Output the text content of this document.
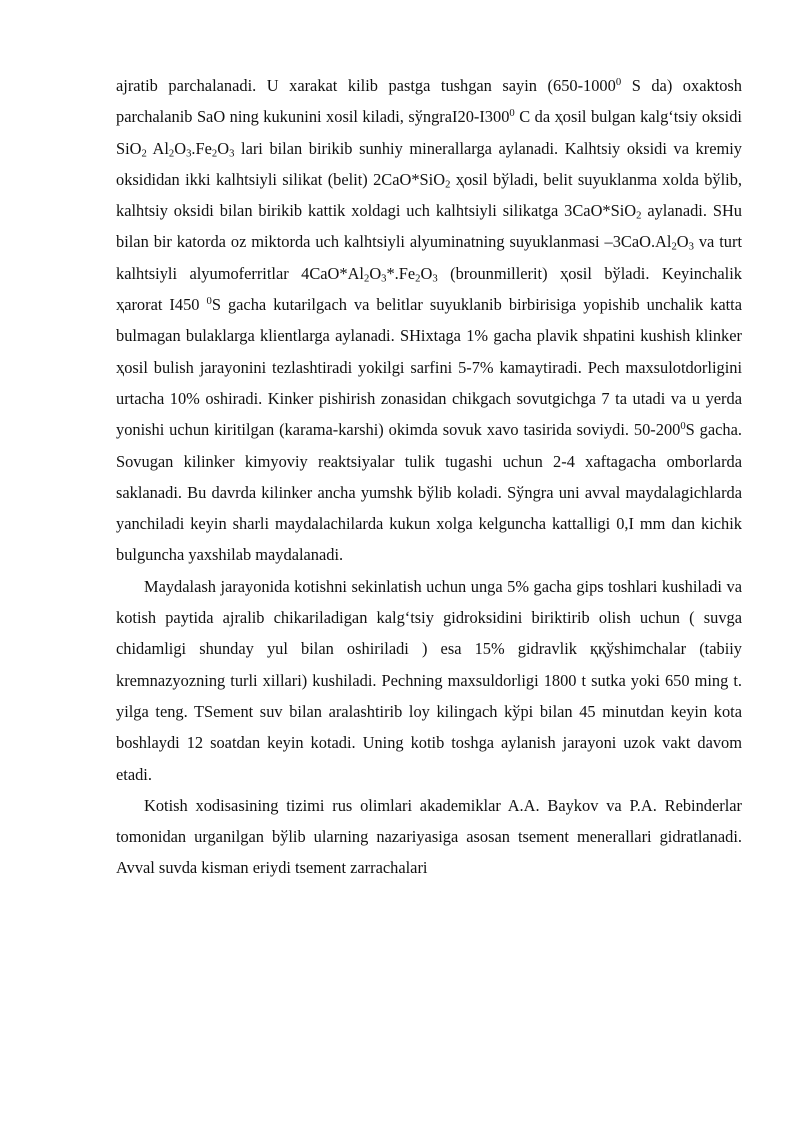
ajratib parchalanadi. U xarakat kilib pastga tushgan sayin (650-1000$^0$ S da) oxaktosh parchalanib SaO ning kukunini xosil kiladi, $sўngraI20-I300^0$ C da ҳosil bulgan kalgʻtsiy oksidi SiO$_2$ $Al_2O_3.Fe_2O_3$ lari bilan birikib sunhiy minerallarga aylanadi. Kalhtsiy oksidi va kremiy oksididan ikki kalhtsiyli silikat (belit) 2CaO*SiO$_2$ ҳosil bўladi, belit suyuklanma xolda bўlib, kalhtsiy oksidi bilan birikib kattik xoldagi uch kalhtsiyli silikatga 3CaO*SiO$_2$ aylanadi. SHu bilan bir katorda oz miktorda uch kalhtsiyli alyuminatning suyuklanmasi $-3CaO.Al_2O_3$ va turt kalhtsiyli alyumoferritlar $4CaO*Al_2O_3*.Fe_2O_3$ (brounmillerit) ҳosil bўladi. Keyinchalik ҳarorat I450 $^0$S gacha kutarilgach va belitlar suyuklanib birbirisiga yopishib unchalik katta bulmagan bulaklarga klientlarga aylanadi. SHixtaga 1% gacha plavik shpatini kushish klinker ҳosil bulish jarayonini tezlashtiradi yokilgi sarfini 5-7% kamaytiradi. Pech maxsulotdorligini urtacha 10% oshiradi. Kinker pishirish zonasidan chikgach sovutgichga 7 ta utadi va u yerda yonishi uchun kiritilgan (karama-karshi) okimda sovuk xavo tasirida soviydi. $50-200^0S$ gacha. Sovugan kilinker kimyoviy reaktsiyalar tulik tugashi uchun 2-4 xaftagacha omborlarda saklanadi. Bu davrda kilinker ancha yumshk bўlib koladi. Sўngra uni avval maydalagichlarda yanchiladi keyin sharli maydalachilarda kukun xolga kelguncha kattalligi 0,I mm dan kichik bulguncha yaxshilab maydalanadi.

Maydalash jarayonida kotishni sekinlatish uchun unga 5% gacha gips toshlari kushiladi va kotish paytida ajralib chikariladigan kalgʻtsiy gidroksidini biriktirib olish uchun ( suvga chidamligi shunday yul bilan oshiriladi ) esa 15% gidravlik ққўshimchalar (tabiiy kremnazyozning turli xillari) kushiladi. Pechning maxsuldorligi 1800 t sutka yoki 650 ming t. yilga teng. TSement suv bilan aralashtirib loy kilingach kўpi bilan 45 minutdan keyin kota boshlaydi 12 soatdan keyin kotadi. Uning kotib toshga aylanish jarayoni uzok vakt davom etadi.

Kotish xodisasining tizimi rus olimlari akademiklar A.A. Baykov va P.A. Rebinderlar tomonidan urganilgan bўlib ularning nazariyasiga asosan tsement menerallari gidratlanadi. Avval suvda kisman eriydi tsement zarrachalari
